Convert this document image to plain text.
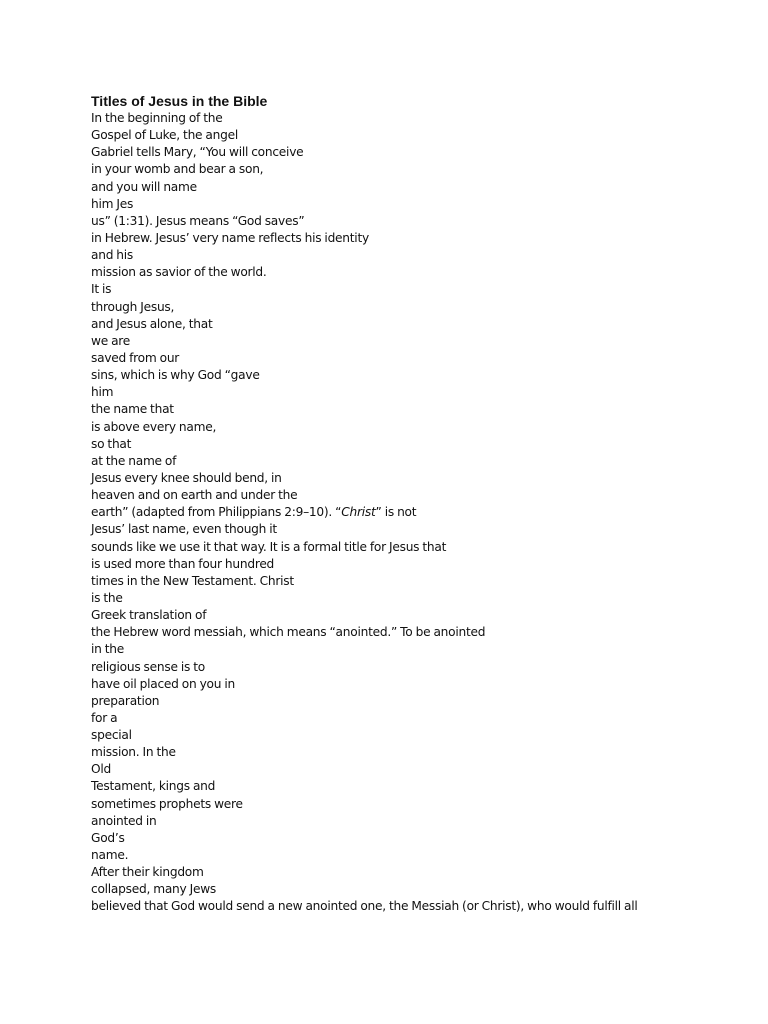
Titles of Jesus in the Bible
In the beginning of the
Gospel of Luke, the angel
Gabriel tells Mary, “You will conceive
in your womb and bear a son,
and you will name
him Jes
us” (1:31). Jesus means “God saves”
in Hebrew. Jesus’ very name reflects his identity
and his
mission as savior of the world.
It is
through Jesus,
and Jesus alone, that
we are
saved from our
sins, which is why God “gave
him
the name that
is above every name,
so that
at the name of
Jesus every knee should bend, in
heaven and on earth and under the
earth” (adapted from Philippians 2:9–10). “Christ” is not
Jesus’ last name, even though it
sounds like we use it that way. It is a formal title for Jesus that
is used more than four hundred
times in the New Testament. Christ
is the
Greek translation of
the Hebrew word messiah, which means “anointed.” To be anointed
in the
religious sense is to
have oil placed on you in
preparation
for a
special
mission. In the
Old
Testament, kings and
sometimes prophets were
anointed in
God’s
name.
After their kingdom
collapsed, many Jews
believed that God would send a new anointed one, the Messiah (or Christ), who would fulfill all
